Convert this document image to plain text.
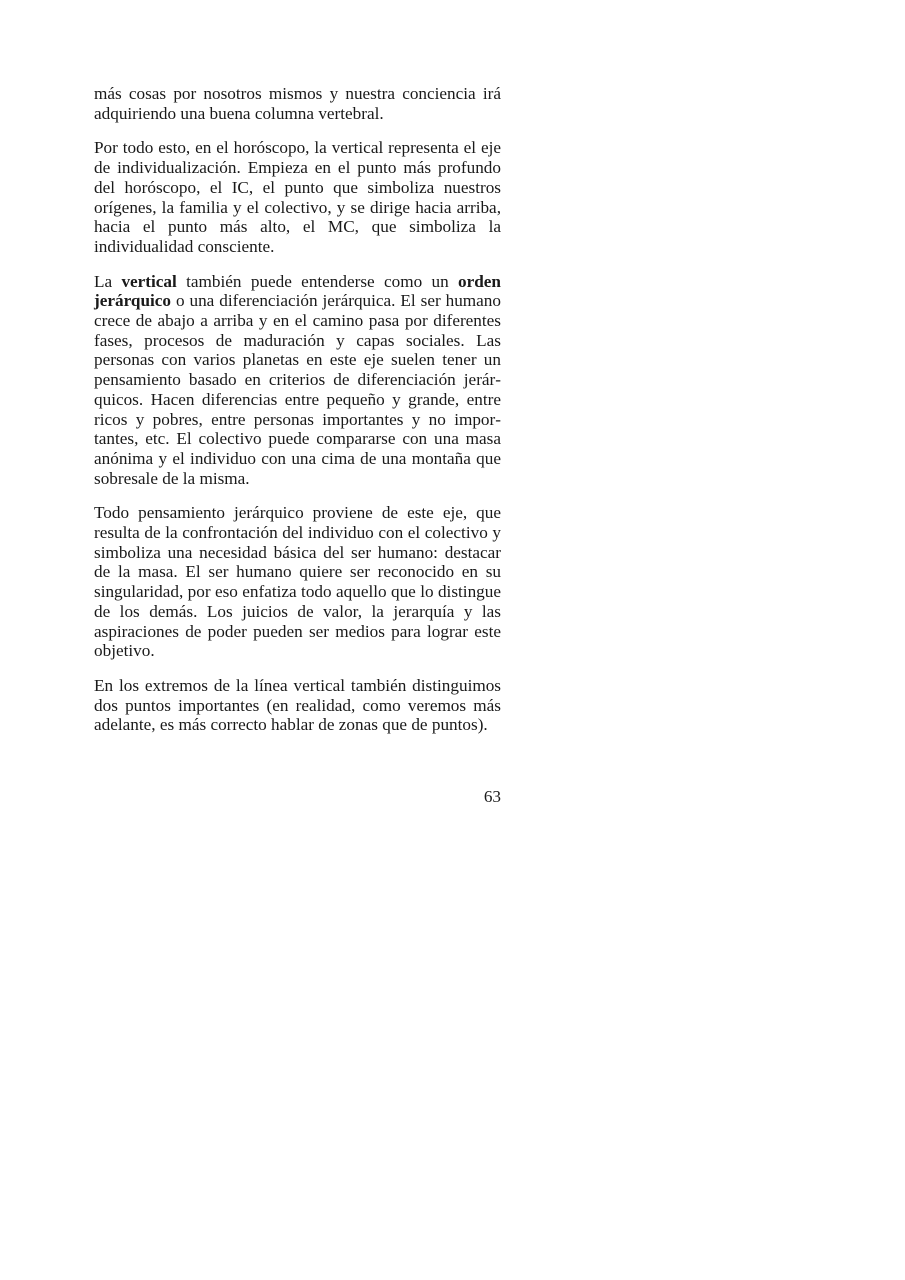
más cosas por nosotros mismos y nuestra conciencia irá adquiriendo una buena columna vertebral.

Por todo esto, en el horóscopo, la vertical representa el eje de individualización. Empieza en el punto más profundo del horóscopo, el IC, el punto que simboliza nuestros orígenes, la familia y el colectivo, y se dirige hacia arriba, hacia el punto más alto, el MC, que simboliza la individualidad consciente.

La vertical también puede entenderse como un orden jerárquico o una diferenciación jerárquica. El ser humano crece de abajo a arriba y en el camino pasa por diferentes fases, procesos de maduración y capas sociales. Las personas con varios planetas en este eje suelen tener un pensamiento basado en criterios de diferenciación jerárquicos. Hacen diferencias entre pequeño y grande, entre ricos y pobres, entre personas importantes y no importantes, etc. El colectivo puede compararse con una masa anónima y el individuo con una cima de una montaña que sobresale de la misma.

Todo pensamiento jerárquico proviene de este eje, que resulta de la confrontación del individuo con el colectivo y simboliza una necesidad básica del ser humano: destacar de la masa. El ser humano quiere ser reconocido en su singularidad, por eso enfatiza todo aquello que lo distingue de los demás. Los juicios de valor, la jerarquía y las aspiraciones de poder pueden ser medios para lograr este objetivo.

En los extremos de la línea vertical también distinguimos dos puntos importantes (en realidad, como veremos más adelante, es más correcto hablar de zonas que de puntos).

63
